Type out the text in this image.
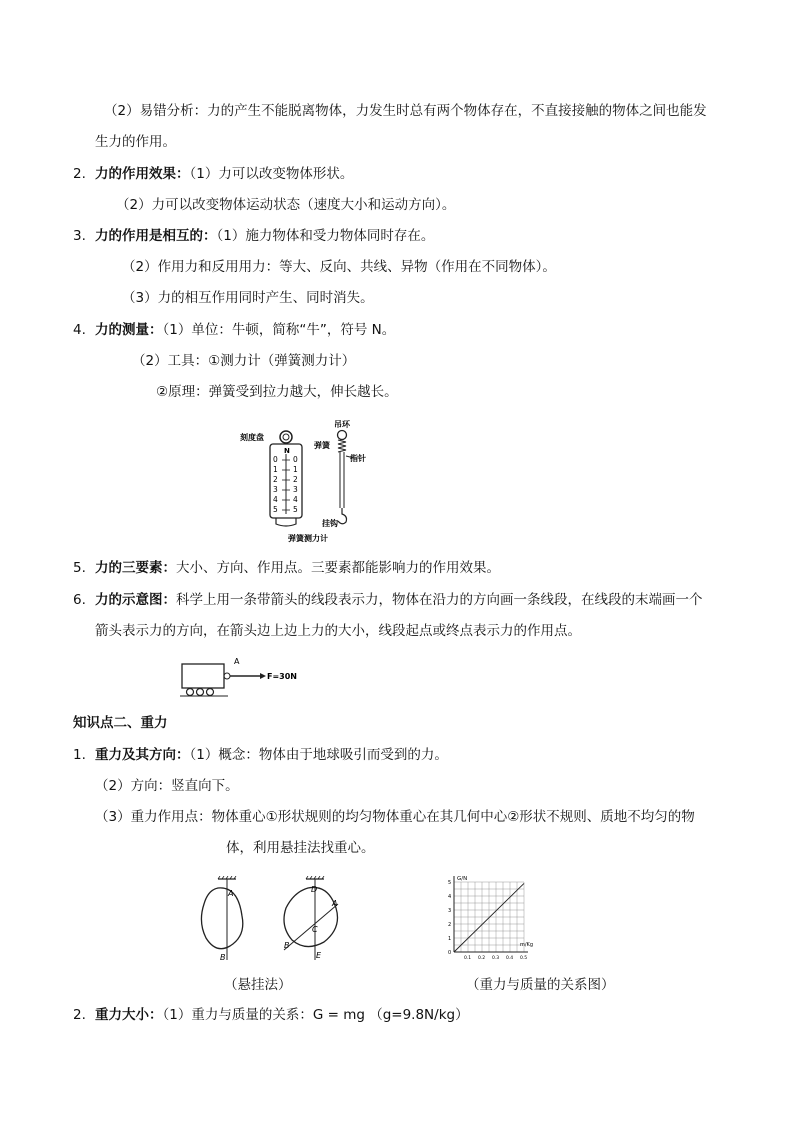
（2）易错分析：力的产生不能脱离物体，力发生时总有两个物体存在，不直接接触的物体之间也能发
生力的作用。
2. 力的作用效果：（1）力可以改变物体形状。
（2）力可以改变物体运动状态（速度大小和运动方向）。
3. 力的作用是相互的：（1）施力物体和受力物体同时存在。
（2）作用力和反用用力：等大、反向、共线、异物（作用在不同物体）。
（3）力的相互作用同时产生、同时消失。
4. 力的测量：（1）单位：牛顿，简称“牛”，符号 N。
（2）工具：①测力计（弹簧测力计）
②原理：弹簧受到拉力越大，伸长越长。
刻度盘
N
0
1
2
3
4
5
0
1
2
3
4
5
吊环
弹簧
指针
挂钩
弹簧测力计
5. 力的三要素：大小、方向、作用点。三要素都能影响力的作用效果。
6. 力的示意图：科学上用一条带箭头的线段表示力，物体在沿力的方向画一条线段，在线段的末端画一个
箭头表示力的方向，在箭头边上边上力的大小，线段起点或终点表示力的作用点。
A
F=30N
知识点二、重力
1. 重力及其方向：（1）概念：物体由于地球吸引而受到的力。
（2）方向：竖直向下。
（3）重力作用点：物体重心①形状规则的均匀物体重心在其几何中心②形状不规则、质地不均匀的物
体，利用悬挂法找重心。
A
B
D
A
C
B
E
（悬挂法）
G/N
m/Kg
0
1
2
3
4
5
0.1 0.2 0.3 0.4 0.5
（重力与质量的关系图）
2. 重力大小：（1）重力与质量的关系：G = mg （g=9.8N/kg）
